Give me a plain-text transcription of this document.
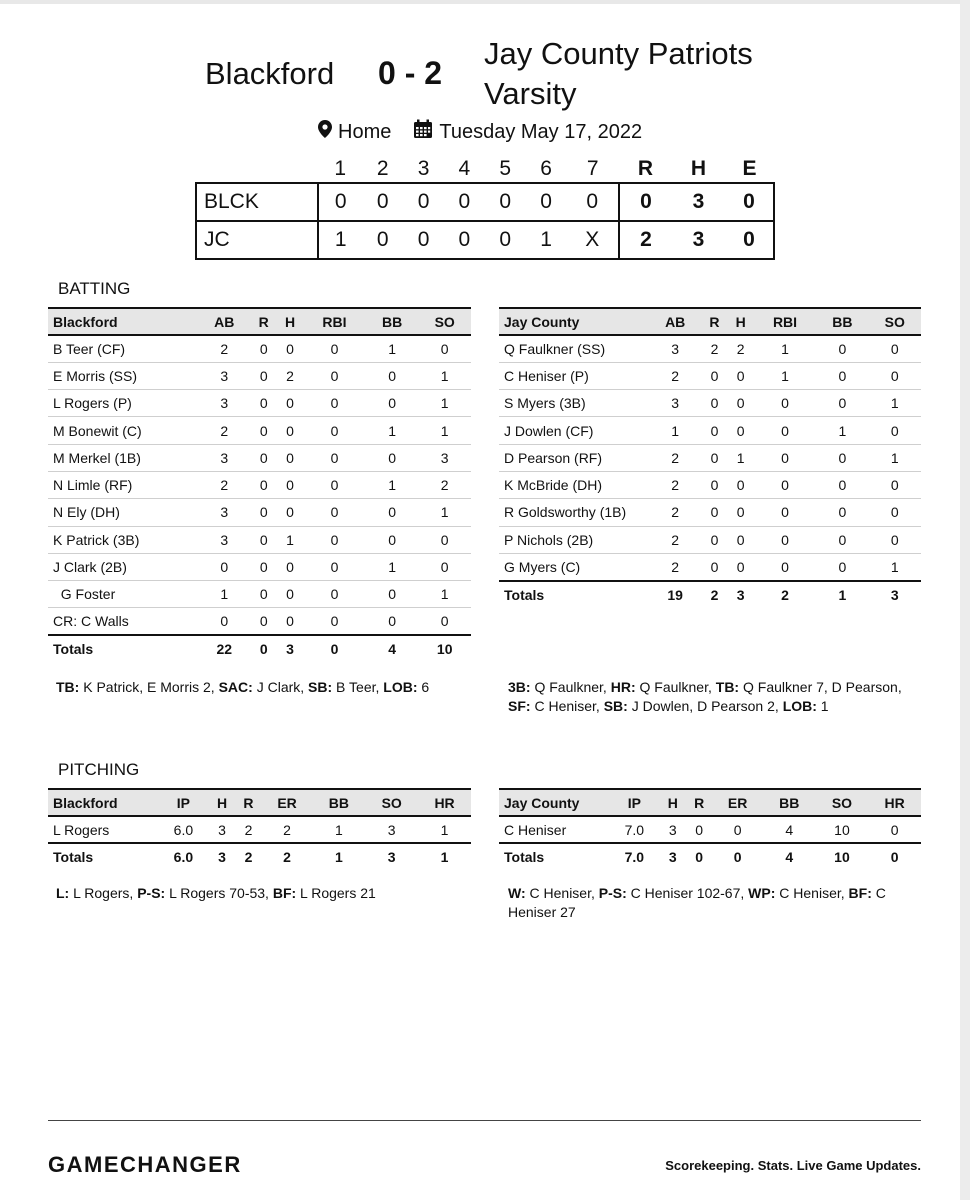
Blackford 0 - 2
Jay County Patriots
Varsity
Home Tuesday May 17, 2022
	1	2	3	4	5	6	7	R	H	E
BLCK	0	0	0	0	0	0	0	0	3	0
JC	1	0	0	0	0	1	X	2	3	0
BATTING
Blackford	AB	R	H	RBI	BB	SO
B Teer (CF)	2	0	0	0	1	0
E Morris (SS)	3	0	2	0	0	1
L Rogers (P)	3	0	0	0	0	1
M Bonewit (C)	2	0	0	0	1	1
M Merkel (1B)	3	0	0	0	0	3
N Limle (RF)	2	0	0	0	1	2
N Ely (DH)	3	0	0	0	0	1
K Patrick (3B)	3	0	1	0	0	0
J Clark (2B)	0	0	0	0	1	0
G Foster	1	0	0	0	0	1
CR: C Walls	0	0	0	0	0	0
Totals	22	0	3	0	4	10
Jay County	AB	R	H	RBI	BB	SO
Q Faulkner (SS)	3	2	2	1	0	0
C Heniser (P)	2	0	0	1	0	0
S Myers (3B)	3	0	0	0	0	1
J Dowlen (CF)	1	0	0	0	1	0
D Pearson (RF)	2	0	1	0	0	1
K McBride (DH)	2	0	0	0	0	0
R Goldsworthy (1B)	2	0	0	0	0	0
P Nichols (2B)	2	0	0	0	0	0
G Myers (C)	2	0	0	0	0	1
Totals	19	2	3	2	1	3
TB: K Patrick, E Morris 2, SAC: J Clark, SB: B Teer, LOB: 6	3B: Q Faulkner, HR: Q Faulkner, TB: Q Faulkner 7, D Pearson, SF: C Heniser, SB: J Dowlen, D Pearson 2, LOB: 1
PITCHING
Blackford	IP	H	R	ER	BB	SO	HR
L Rogers	6.0	3	2	2	1	3	1
Totals	6.0	3	2	2	1	3	1
Jay County	IP	H	R	ER	BB	SO	HR
C Heniser	7.0	3	0	0	4	10	0
Totals	7.0	3	0	0	4	10	0
L: L Rogers, P-S: L Rogers 70-53, BF: L Rogers 21	W: C Heniser, P-S: C Heniser 102-67, WP: C Heniser, BF: C Heniser 27
GAMECHANGER	Scorekeeping. Stats. Live Game Updates.
